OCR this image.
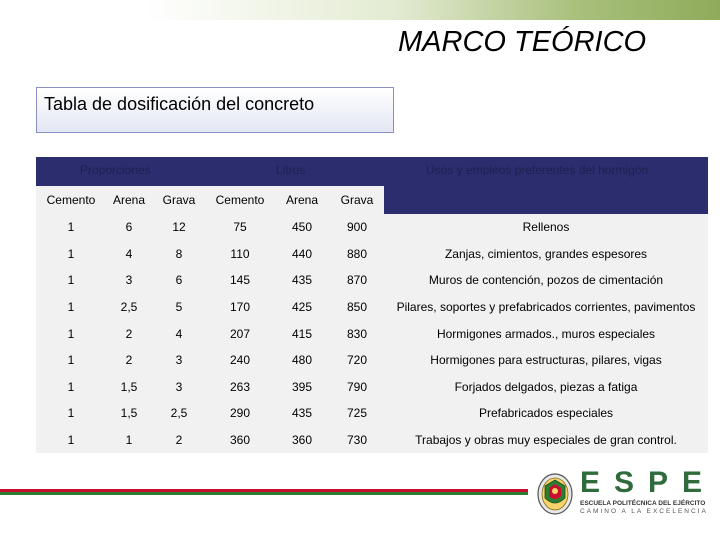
MARCO TEÓRICO
Tabla de dosificación del concreto
Proporciones	Litros	Usos y empleos preferentes del hormigón
Cemento	Arena	Grava	Cemento	Arena	Grava
1	6	12	75	450	900	Rellenos
1	4	8	110	440	880	Zanjas, cimientos, grandes espesores
1	3	6	145	435	870	Muros de contención, pozos de cimentación
1	2,5	5	170	425	850	Pilares, soportes y prefabricados corrientes, pavimentos
1	2	4	207	415	830	Hormigones armados., muros especiales
1	2	3	240	480	720	Hormigones para estructuras, pilares, vigas
1	1,5	3	263	395	790	Forjados delgados, piezas a fatiga
1	1,5	2,5	290	435	725	Prefabricados especiales
1	1	2	360	360	730	Trabajos y obras muy especiales de gran control.
ESPE
ESCUELA POLITÉCNICA DEL EJÉRCITO
CAMINO A LA EXCELENCIA
